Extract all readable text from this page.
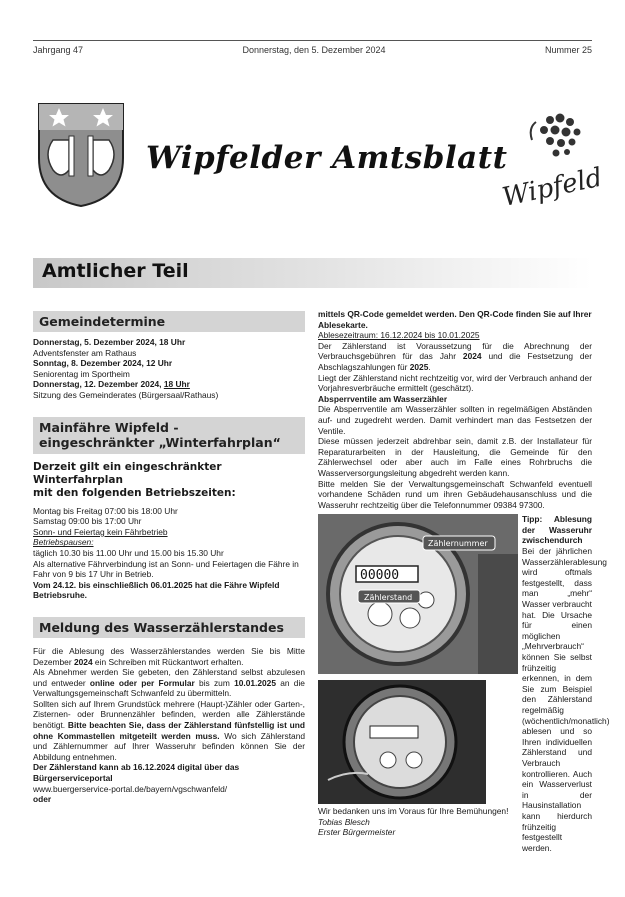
Jahrgang 47	Donnerstag, den 5. Dezember 2024	Nummer 25
Wipfelder Amtsblatt
Wipfeld
Amtlicher Teil
Gemeindetermine

Donnerstag, 5. Dezember 2024, 18 Uhr

Adventsfenster am Rathaus

Sonntag, 8. Dezember 2024, 12 Uhr

Seniorentag im Sportheim

Donnerstag, 12. Dezember 2024, 18 Uhr

Sitzung des Gemeinderates (Bürgersaal/Rathaus)

Mainfähre Wipfeld -
eingeschränkter „Winterfahrplan“
Derzeit gilt ein eingeschränkter Winterfahrplan
mit den folgenden Betriebszeiten:

Montag bis Freitag 07:00 bis 18:00 Uhr

Samstag 09:00 bis 17:00 Uhr

Sonn- und Feiertag kein Fährbetrieb

Betriebspausen:

täglich 10.30 bis 11.00 Uhr und 15.00 bis 15.30 Uhr

Als alternative Fährverbindung ist an Sonn- und Feiertagen die Fähre in Fahr von 9 bis 17 Uhr in Betrieb.

Vom 24.12. bis einschließlich 06.01.2025 hat die Fähre Wipfeld Betriebsruhe.

Meldung des Wasserzählerstandes

Für die Ablesung des Wasserzählerstandes werden Sie bis Mitte Dezember 2024 ein Schreiben mit Rückantwort erhalten.

Als Abnehmer werden Sie gebeten, den Zählerstand selbst abzulesen und entweder online oder per Formular bis zum 10.01.2025 an die Verwaltungsgemeinschaft Schwanfeld zu übermitteln.

Sollten sich auf Ihrem Grundstück mehrere (Haupt-)Zähler oder Garten-, Zisternen- oder Brunnenzähler befinden, werden alle Zählerstände benötigt. Bitte beachten Sie, dass der Zählerstand fünfstellig ist und ohne Kommastellen mitgeteilt werden muss. Wo sich Zählerstand und Zählernummer auf Ihrer Wasseruhr befinden können Sie der Abbildung entnehmen.

Der Zählerstand kann ab 16.12.2024 digital über das Bürgerserviceportal

www.buergerservice-portal.de/bayern/vgschwanfeld/

oder

mittels QR-Code gemeldet werden. Den QR-Code finden Sie auf Ihrer Ablesekarte.

Ablesezeitraum: 16.12.2024 bis 10.01.2025

Der Zählerstand ist Voraussetzung für die Abrechnung der Verbrauchsgebühren für das Jahr 2024 und die Festsetzung der Abschlagszahlungen für 2025.

Liegt der Zählerstand nicht rechtzeitig vor, wird der Verbrauch anhand der Vorjahresverbräuche ermittelt (geschätzt).

Absperrventile am Wasserzähler

Die Absperrventile am Wasserzähler sollten in regelmäßigen Abständen auf- und zugedreht werden. Damit verhindert man das Festsetzen der Ventile.

Diese müssen jederzeit abdrehbar sein, damit z.B. der Installateur für Reparaturarbeiten in der Hausleitung, die Gemeinde für den Zählerwechsel oder aber auch im Falle eines Rohrbruchs die Wasserversorgungsleitung abgedreht werden kann.

Bitte melden Sie der Verwaltungsgemeinschaft Schwanfeld eventuell vorhandene Schäden rund um ihren Gebäudehausanschluss und die Wasseruhr rechtzeitig über die Telefonnummer 09384 97300.

00000
Zählernummer
Zählerstand

Tipp: Ablesung der Wasseruhr zwischendurch

Bei der jährlichen Wasserzählerablesung wird oftmals festgestellt, dass man „mehr“ Wasser verbraucht hat. Die Ursache für einen möglichen „Mehrverbrauch“ können Sie selbst frühzeitig erkennen, in dem Sie zum Beispiel den Zählerstand regelmäßig (wöchentlich/monatlich) ablesen und so Ihren individuellen Zählerstand und Verbrauch kontrollieren. Auch ein Wasserverlust in der Hausinstallation kann hierdurch frühzeitig festgestellt werden.

Wir bedanken uns im Voraus für Ihre Bemühungen!

Tobias Blesch

Erster Bürgermeister
